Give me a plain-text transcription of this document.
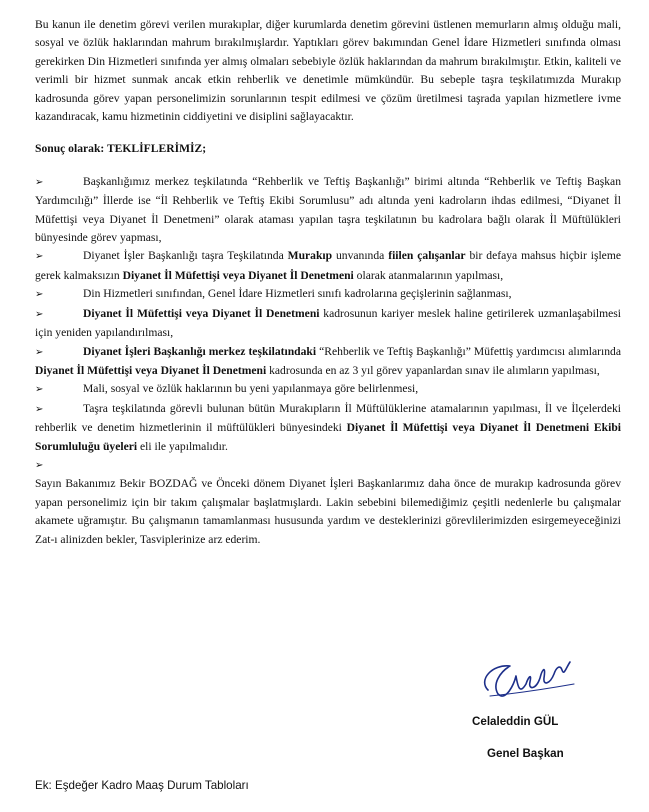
Bu kanun ile denetim görevi verilen murakıplar, diğer kurumlarda denetim görevini üstlenen memurların almış olduğu mali, sosyal ve özlük haklarından mahrum bırakılmışlardır. Yaptıkları görev bakımından Genel İdare Hizmetleri sınıfında olması gerekirken Din Hizmetleri sınıfında yer almış olmaları sebebiyle özlük haklarından da mahrum bırakılmıştır. Etkin, kaliteli ve verimli bir hizmet sunmak ancak etkin rehberlik ve denetimle mümkündür. Bu sebeple taşra teşkilatımızda Murakıp kadrosunda görev yapan personelimizin sorunlarının tespit edilmesi ve çözüm üretilmesi taşrada yapılan hizmetlere ivme kazandıracak, kamu hizmetinin ciddiyetini ve disiplini sağlayacaktır.

Sonuç olarak: TEKLİFLERİMİZ;

➢	Başkanlığımız merkez teşkilatında “Rehberlik ve Teftiş Başkanlığı” birimi altında “Rehberlik ve Teftiş Başkan Yardımcılığı” İllerde ise “İl Rehberlik ve Teftiş Ekibi Sorumlusu” adı altında yeni kadroların ihdas edilmesi, “Diyanet İl Müfettişi veya Diyanet İl Denetmeni” olarak ataması yapılan taşra teşkilatının bu kadrolara bağlı olarak İl Müftülükleri bünyesinde görev yapması,

➢	Diyanet İşler Başkanlığı taşra Teşkilatında Murakıp unvanında fiilen çalışanlar bir defaya mahsus hiçbir işleme gerek kalmaksızın Diyanet İl Müfettişi veya Diyanet İl Denetmeni olarak atanmalarının yapılması,

➢	Din Hizmetleri sınıfından, Genel İdare Hizmetleri sınıfı kadrolarına geçişlerinin sağlanması,

➢	Diyanet İl Müfettişi veya Diyanet İl Denetmeni kadrosunun kariyer meslek haline getirilerek uzmanlaşabilmesi için yeniden yapılandırılması,

➢	Diyanet İşleri Başkanlığı merkez teşkilatındaki “Rehberlik ve Teftiş Başkanlığı” Müfettiş yardımcısı alımlarında Diyanet İl Müfettişi veya Diyanet İl Denetmeni kadrosunda en az 3 yıl görev yapanlardan sınav ile alımların yapılması,

➢	Mali, sosyal ve özlük haklarının bu yeni yapılanmaya göre belirlenmesi,

➢	Taşra teşkilatında görevli bulunan bütün Murakıpların İl Müftülüklerine atamalarının yapılması, İl ve İlçelerdeki rehberlik ve denetim hizmetlerinin il müftülükleri bünyesindeki Diyanet İl Müfettişi veya Diyanet İl Denetmeni Ekibi Sorumluluğu üyeleri eli ile yapılmalıdır.

➢

Sayın Bakanımız Bekir BOZDAĞ ve Önceki dönem Diyanet İşleri Başkanlarımız daha önce de murakıp kadrosunda görev yapan personelimiz için bir takım çalışmalar başlatmışlardı. Lakin sebebini bilemediğimiz çeşitli nedenlerle bu çalışmalar akamete uğramıştır. Bu çalışmanın tamamlanması hususunda yardım ve desteklerinizi görevlilerimizden esirgemeyeceğinizi Zat-ı alinizden bekler, Tasviplerinize arz ederim.

Celaleddin GÜL
Genel Başkan
Ek: Eşdeğer Kadro Maaş Durum Tabloları
